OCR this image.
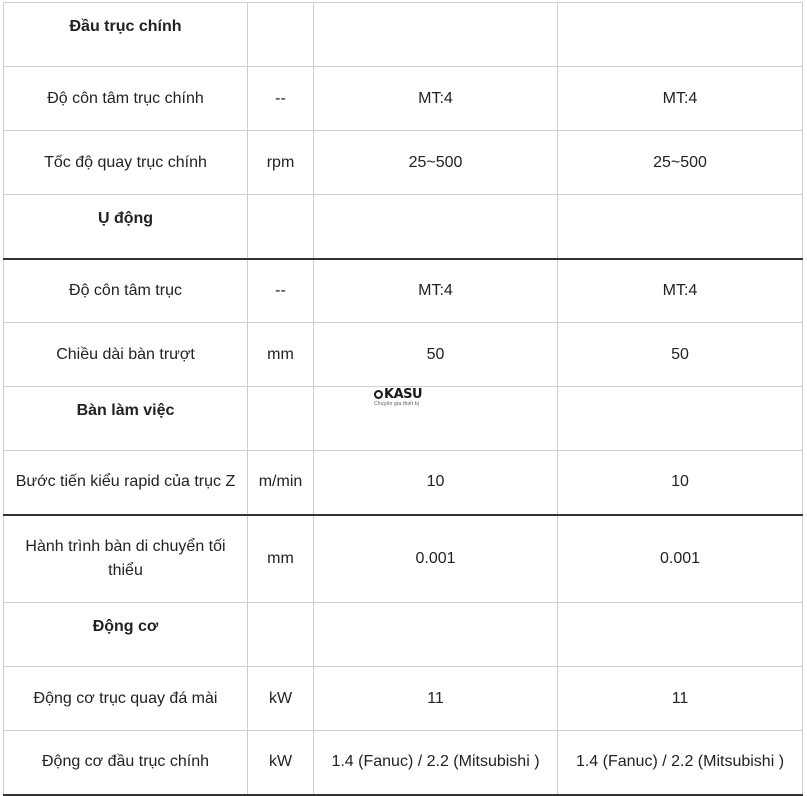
Đầu trục chính			
Độ côn tâm trục chính	--	MT:4	MT:4
Tốc độ quay trục chính	rpm	25~500	25~500
Ụ động			
Độ côn tâm trục	--	MT:4	MT:4
Chiều dài bàn trượt	mm	50	50
Bàn làm việc			
Bước tiến kiểu rapid của trục Z	m/min	10	10
Hành trình bàn di chuyển tối thiểu	mm	0.001	0.001
Động cơ			
Động cơ trục quay đá mài	kW	11	11
Động cơ đầu trục chính	kW	1.4 (Fanuc) / 2.2 (Mitsubishi )	1.4 (Fanuc) / 2.2 (Mitsubishi )
KASU
Chuyên gia thiết bị
